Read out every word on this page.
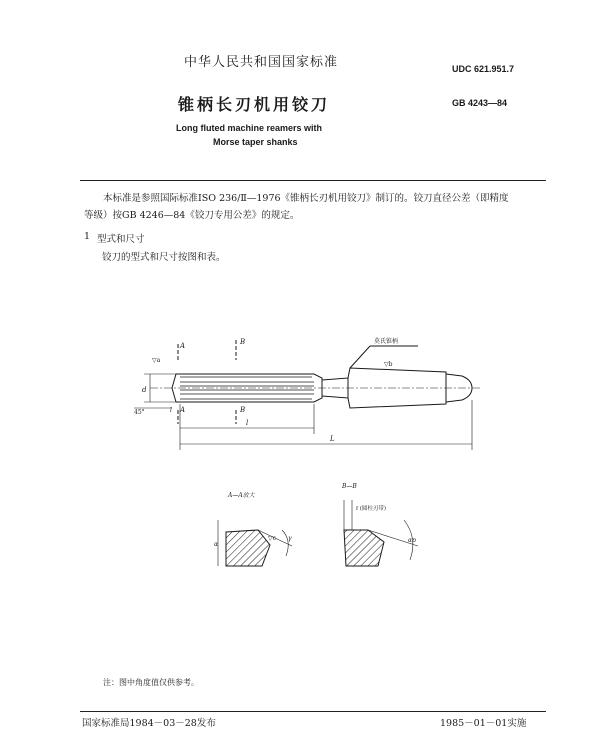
中华人民共和国国家标准	UDC 621.951.7
锥柄长刃机用铰刀	GB 4243—84
Long fluted machine reamers with
Morse taper shanks
本标准是参照国际标准ISO 236/Ⅱ—1976《锥柄长刃机用铰刀》制订的。铰刀直径公差（即精度
等级）按GB 4246—84《铰刀专用公差》的规定。
1 型式和尺寸
铰刀的型式和尺寸按图和表。
莫氏锥柄
A	B
A	B
d
45°	l
l
L
▽a
▽b
A—A放大
B—B
f (圆柱刃带)
▽c γ
α
αp
注：图中角度值仅供参考。
国家标准局1984－03－28发布	1985－01－01实施
